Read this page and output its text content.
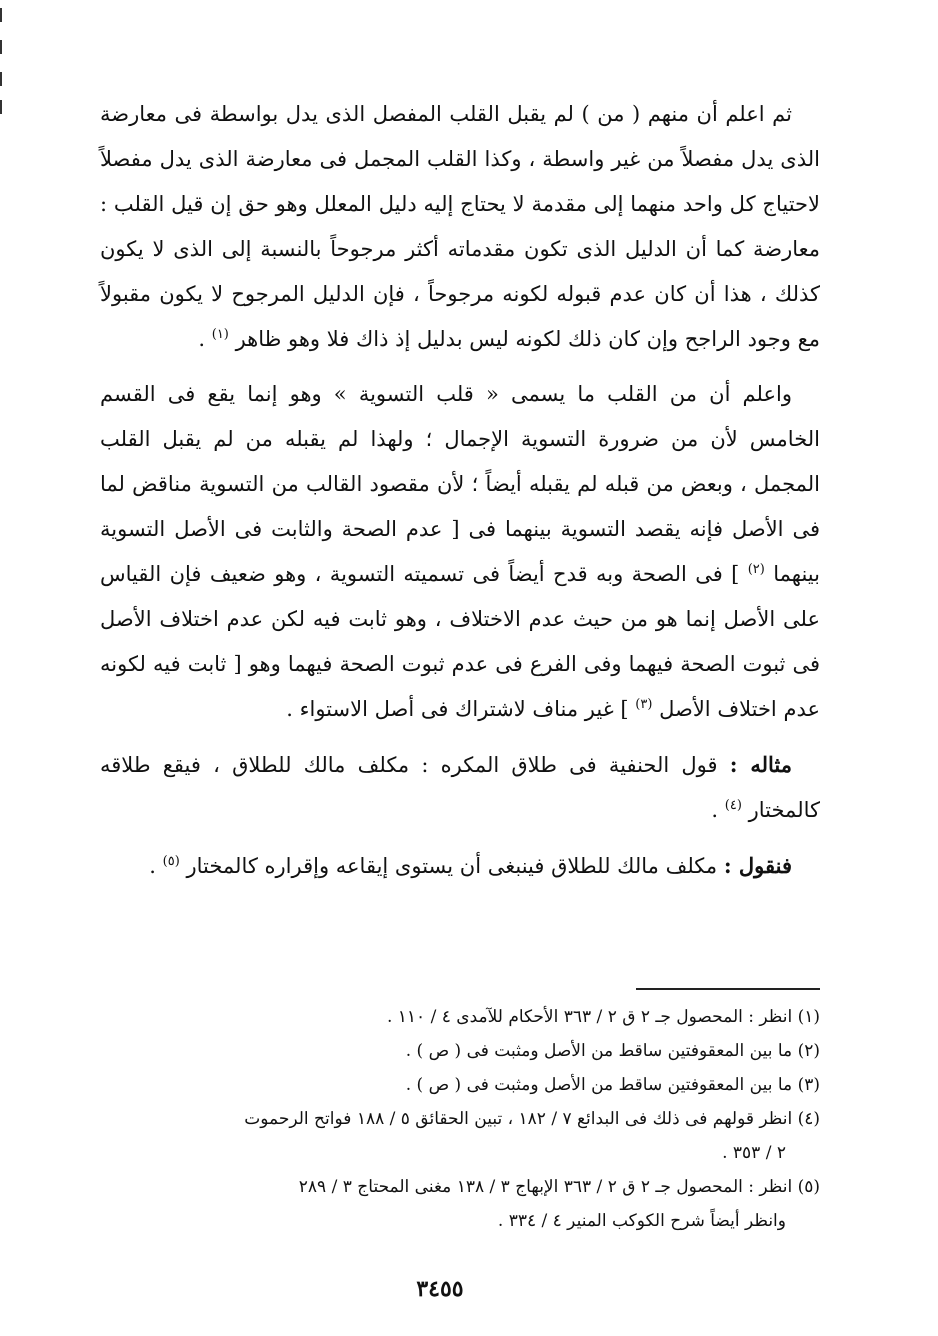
ثم اعلم أن منهم ( من ) لم يقبل القلب المفصل الذى يدل بواسطة فى معارضة الذى يدل مفصلاً من غير واسطة ، وكذا القلب المجمل فى معارضة الذى يدل مفصلاً لاحتياج كل واحد منهما إلى مقدمة لا يحتاج إليه دليل المعلل وهو حق إن قيل القلب : معارضة كما أن الدليل الذى تكون مقدماته أكثر مرجوحاً بالنسبة إلى الذى لا يكون كذلك ، هذا أن كان عدم قبوله لكونه مرجوحاً ، فإن الدليل المرجوح لا يكون مقبولاً مع وجود الراجح وإن كان ذلك لكونه ليس بدليل إذ ذاك فلا وهو ظاهر $^{(١)}$ .

واعلم أن من القلب ما يسمى « قلب التسوية » وهو إنما يقع فى القسم الخامس لأن من ضرورة التسوية الإجمال ؛ ولهذا لم يقبله من لم يقبل القلب المجمل ، وبعض من قبله لم يقبله أيضاً ؛ لأن مقصود القالب من التسوية مناقض لما فى الأصل فإنه يقصد التسوية بينهما فى [ عدم الصحة والثابت فى الأصل التسوية بينهما $^{(٢)}$ ] فى الصحة وبه قدح أيضاً فى تسميته التسوية ، وهو ضعيف فإن القياس على الأصل إنما هو من حيث عدم الاختلاف ، وهو ثابت فيه لكن عدم اختلاف الأصل فى ثبوت الصحة فيهما وفى الفرع فى عدم ثبوت الصحة فيهما وهو [ ثابت فيه لكونه عدم اختلاف الأصل $^{(٣)}$ ] غير مناف لاشتراك فى أصل الاستواء .

مثاله : قول الحنفية فى طلاق المكره : مكلف مالك للطلاق ، فيقع طلاقه كالمختار $^{(٤)}$ .

فنقول : مكلف مالك للطلاق فينبغى أن يستوى إيقاعه وإقراره كالمختار $^{(٥)}$ .

(١) انظر : المحصول جـ ٢ ق ٢ / ٣٦٣ الأحكام للآمدى ٤ / ١١٠ .

(٢) ما بين المعقوفتين ساقط من الأصل ومثبت فى ( ص ) .

(٣) ما بين المعقوفتين ساقط من الأصل ومثبت فى ( ص ) .

(٤) انظر قولهم فى ذلك فى البدائع ٧ / ١٨٢ ، تبين الحقائق ٥ / ١٨٨ فواتح الرحموت
٢ / ٣٥٣ .

(٥) انظر : المحصول جـ ٢ ق ٢ / ٣٦٣ الإبهاج ٣ / ١٣٨ مغنى المحتاج ٣ / ٢٨٩
وانظر أيضاً شرح الكوكب المنير ٤ / ٣٣٤ .

٣٤٥٥
